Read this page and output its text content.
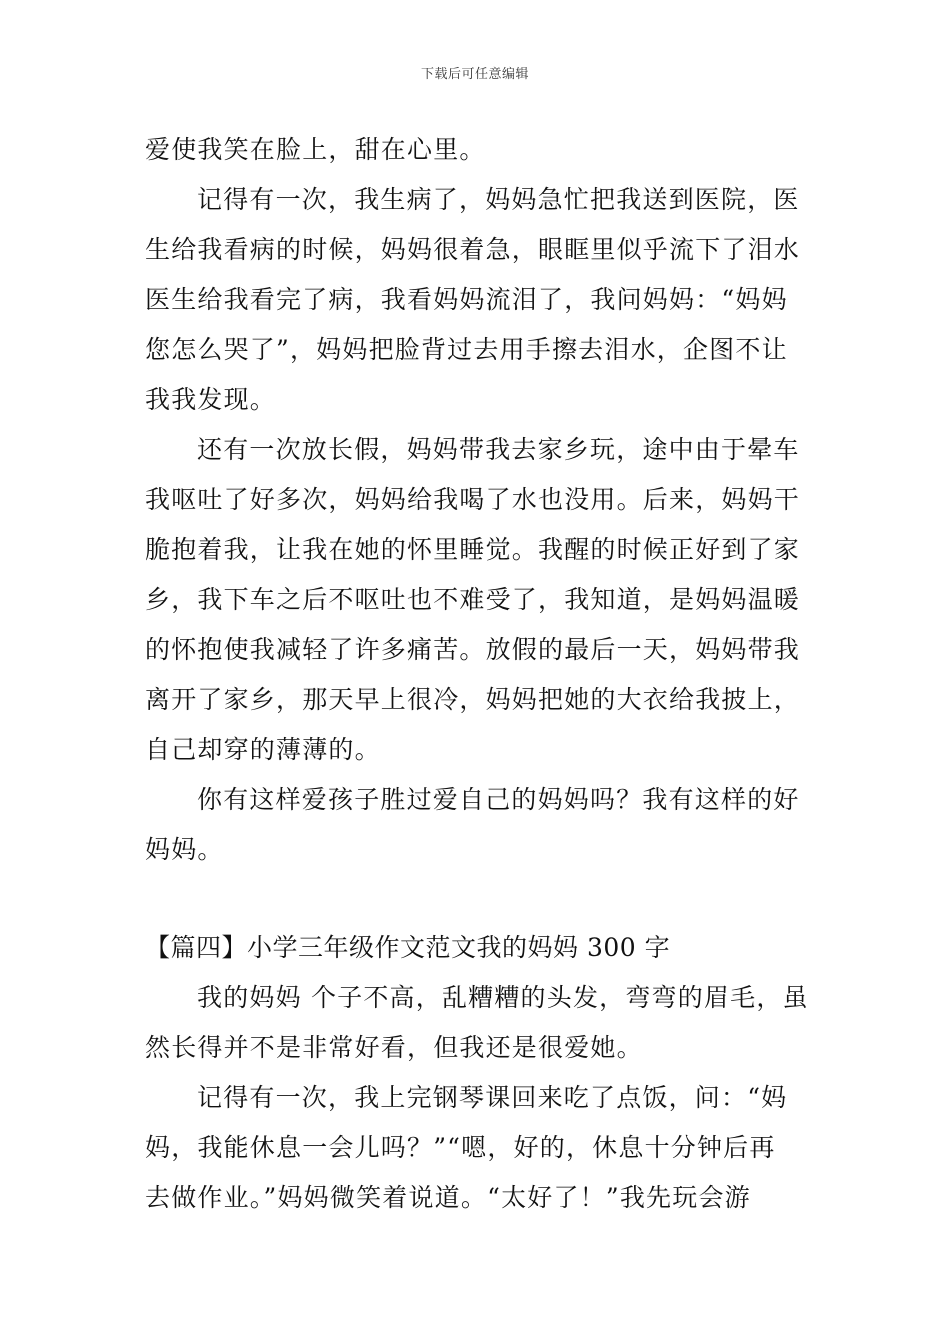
下载后可任意编辑
爱使我笑在脸上，甜在心里。
记得有一次，我生病了，妈妈急忙把我送到医院，医
生给我看病的时候，妈妈很着急，眼眶里似乎流下了泪水
医生给我看完了病，我看妈妈流泪了，我问妈妈：“妈妈
您怎么哭了”，妈妈把脸背过去用手擦去泪水，企图不让
我我发现。
还有一次放长假，妈妈带我去家乡玩，途中由于晕车
我呕吐了好多次，妈妈给我喝了水也没用。后来，妈妈干
脆抱着我，让我在她的怀里睡觉。我醒的时候正好到了家
乡，我下车之后不呕吐也不难受了，我知道，是妈妈温暖
的怀抱使我减轻了许多痛苦。放假的最后一天，妈妈带我
离开了家乡，那天早上很冷，妈妈把她的大衣给我披上，
自己却穿的薄薄的。
你有这样爱孩子胜过爱自己的妈妈吗？我有这样的好
妈妈。
【篇四】小学三年级作文范文我的妈妈 300 字
我的妈妈 个子不高，乱糟糟的头发，弯弯的眉毛，虽
然长得并不是非常好看，但我还是很爱她。
记得有一次，我上完钢琴课回来吃了点饭，问：“妈
妈，我能休息一会儿吗？”“嗯，好的，休息十分钟后再
去做作业。”妈妈微笑着说道。“太好了！”我先玩会游
